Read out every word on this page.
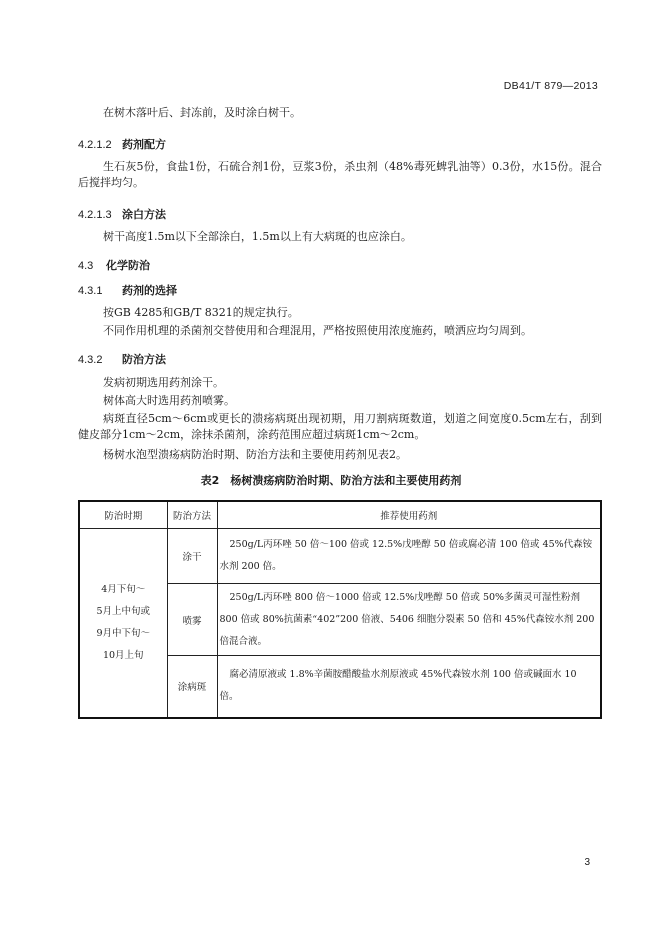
DB41/T 879—2013
在树木落叶后、封冻前，及时涂白树干。
4.2.1.2 药剂配方
生石灰5份，食盐1份，石硫合剂1份，豆浆3份，杀虫剂（48%毒死蜱乳油等）0.3份，水15份。混合后搅拌均匀。
4.2.1.3 涂白方法
树干高度1.5m以下全部涂白，1.5m以上有大病斑的也应涂白。
4.3 化学防治
4.3.1 药剂的选择
按GB 4285和GB/T 8321的规定执行。
不同作用机理的杀菌剂交替使用和合理混用，严格按照使用浓度施药，喷洒应均匀周到。
4.3.2 防治方法
发病初期选用药剂涂干。
树体高大时选用药剂喷雾。
病斑直径5cm～6cm或更长的溃疡病斑出现初期，用刀割病斑数道，划道之间宽度0.5cm左右，刮到健皮部分1cm～2cm，涂抹杀菌剂，涂药范围应超过病斑1cm～2cm。
杨树水泡型溃疡病防治时期、防治方法和主要使用药剂见表2。
表2　杨树溃疡病防治时期、防治方法和主要使用药剂
防治时期	防治方法	推荐使用药剂

4月下旬～
5月上中旬或
9月中下旬～
10月上旬	涂干	250g/L丙环唑 50 倍～100 倍或 12.5%戊唑醇 50 倍或腐必清 100 倍或 45%代森铵水剂 200 倍。

	喷雾	250g/L丙环唑 800 倍～1000 倍或 12.5%戊唑醇 50 倍或 50%多菌灵可湿性粉剂 800 倍或 80%抗菌素“402”200 倍液、5406 细胞分裂素 50 倍和 45%代森铵水剂 200 倍混合液。

	涂病斑	腐必清原液或 1.8%辛菌胺醋酸盐水剂原液或 45%代森铵水剂 100 倍或碱面水 10 倍。
3
